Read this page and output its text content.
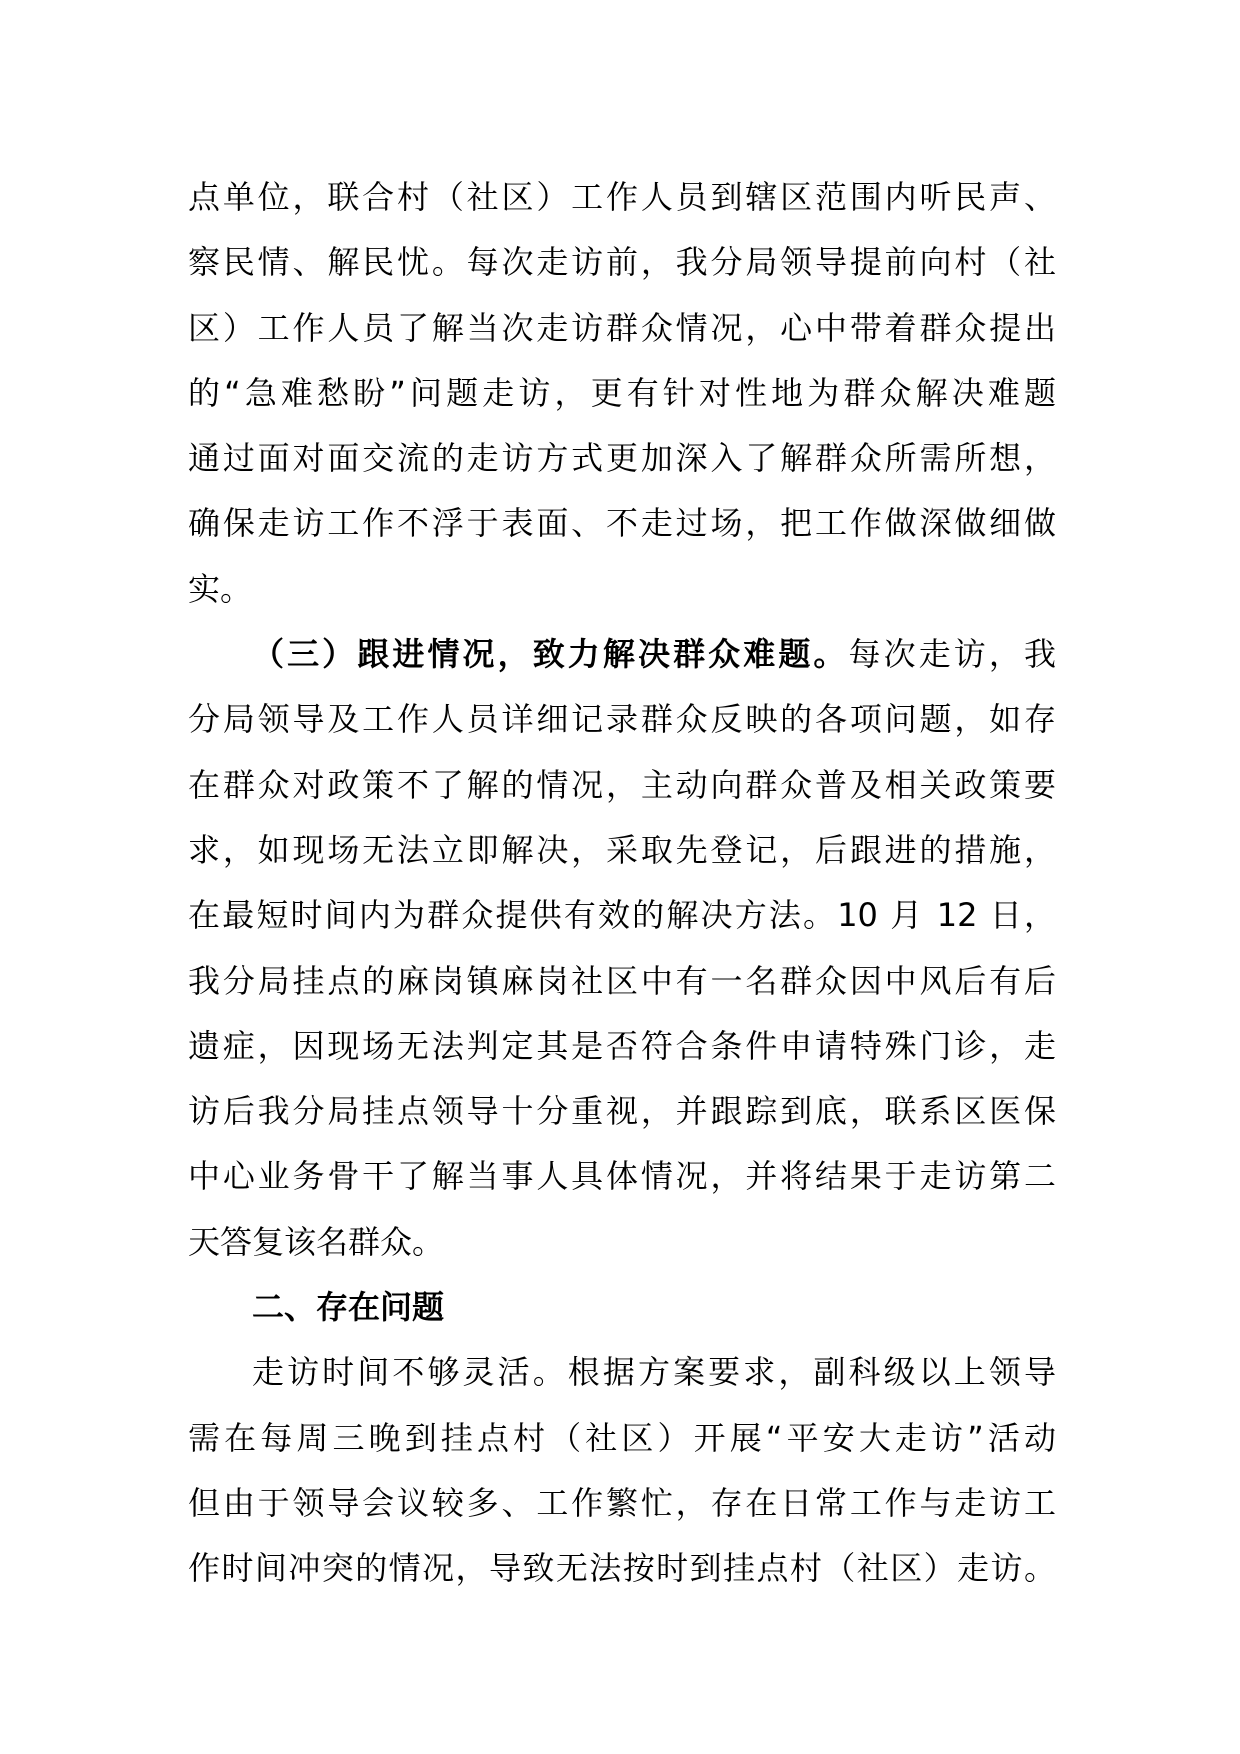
点单位，联合村（社区）工作人员到辖区范围内听民声、
察民情、解民忧。每次走访前，我分局领导提前向村（社
区）工作人员了解当次走访群众情况，心中带着群众提出
的“急难愁盼”问题走访，更有针对性地为群众解决难题
通过面对面交流的走访方式更加深入了解群众所需所想，
确保走访工作不浮于表面、不走过场，把工作做深做细做
实。
（三）跟进情况，致力解决群众难题。每次走访，我
分局领导及工作人员详细记录群众反映的各项问题，如存
在群众对政策不了解的情况，主动向群众普及相关政策要
求，如现场无法立即解决，采取先登记，后跟进的措施，
在最短时间内为群众提供有效的解决方法。10 月 12 日，
我分局挂点的麻岗镇麻岗社区中有一名群众因中风后有后
遗症，因现场无法判定其是否符合条件申请特殊门诊，走
访后我分局挂点领导十分重视，并跟踪到底，联系区医保
中心业务骨干了解当事人具体情况，并将结果于走访第二
天答复该名群众。
二、存在问题
走访时间不够灵活。根据方案要求，副科级以上领导
需在每周三晚到挂点村（社区）开展“平安大走访”活动
但由于领导会议较多、工作繁忙，存在日常工作与走访工
作时间冲突的情况，导致无法按时到挂点村（社区）走访。
